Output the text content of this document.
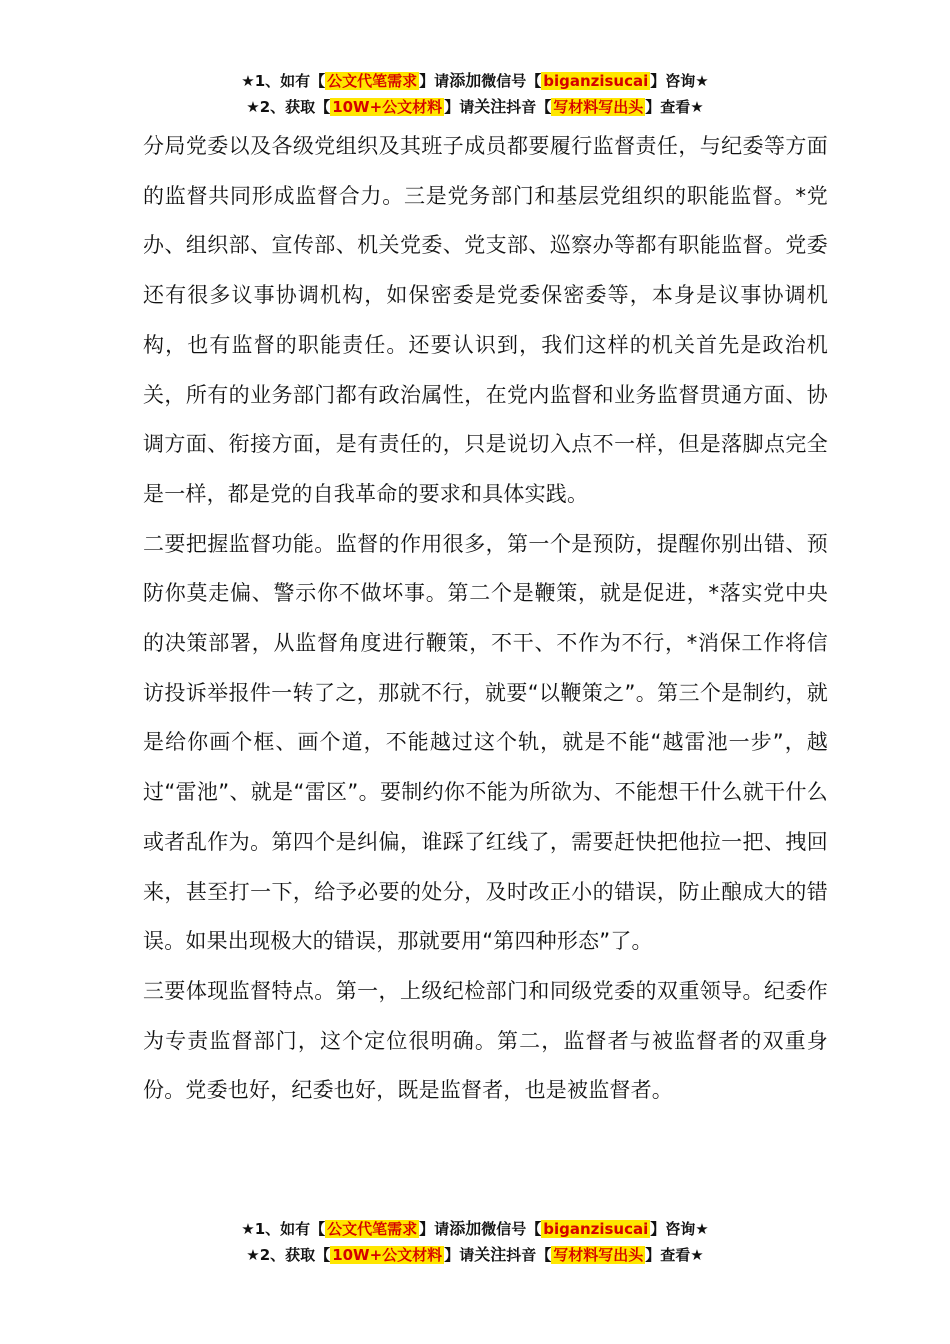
★1、如有【 公文代笔需求 】请添加微信号【 biganzisucai 】咨询★
★2、获取【 10W+公文材料 】请关注抖音【 写材料写出头 】查看★

分局党委以及各级党组织及其班子成员都要履行监督责任，与纪委等方面的监督共同形成监督合力。三是党务部门和基层党组织的职能监督。*党办、组织部、宣传部、机关党委、党支部、巡察办等都有职能监督。党委还有很多议事协调机构，如保密委是党委保密委等，本身是议事协调机构，也有监督的职能责任。还要认识到，我们这样的机关首先是政治机关，所有的业务部门都有政治属性，在党内监督和业务监督贯通方面、协调方面、衔接方面，是有责任的，只是说切入点不一样，但是落脚点完全是一样，都是党的自我革命的要求和具体实践。

二要把握监督功能。监督的作用很多，第一个是预防，提醒你别出错、预防你莫走偏、警示你不做坏事。第二个是鞭策，就是促进，*落实党中央的决策部署，从监督角度进行鞭策，不干、不作为不行，*消保工作将信访投诉举报件一转了之，那就不行，就要“以鞭策之”。第三个是制约，就是给你画个框、画个道，不能越过这个轨，就是不能“越雷池一步”，越过“雷池”、就是“雷区”。要制约你不能为所欲为、不能想干什么就干什么或者乱作为。第四个是纠偏，谁踩了红线了，需要赶快把他拉一把、拽回来，甚至打一下，给予必要的处分，及时改正小的错误，防止酿成大的错误。如果出现极大的错误，那就要用“第四种形态”了。

三要体现监督特点。第一，上级纪检部门和同级党委的双重领导。纪委作为专责监督部门，这个定位很明确。第二，监督者与被监督者的双重身份。党委也好，纪委也好，既是监督者，也是被监督者。

★1、如有【 公文代笔需求 】请添加微信号【 biganzisucai 】咨询★
★2、获取【 10W+公文材料 】请关注抖音【 写材料写出头 】查看★
